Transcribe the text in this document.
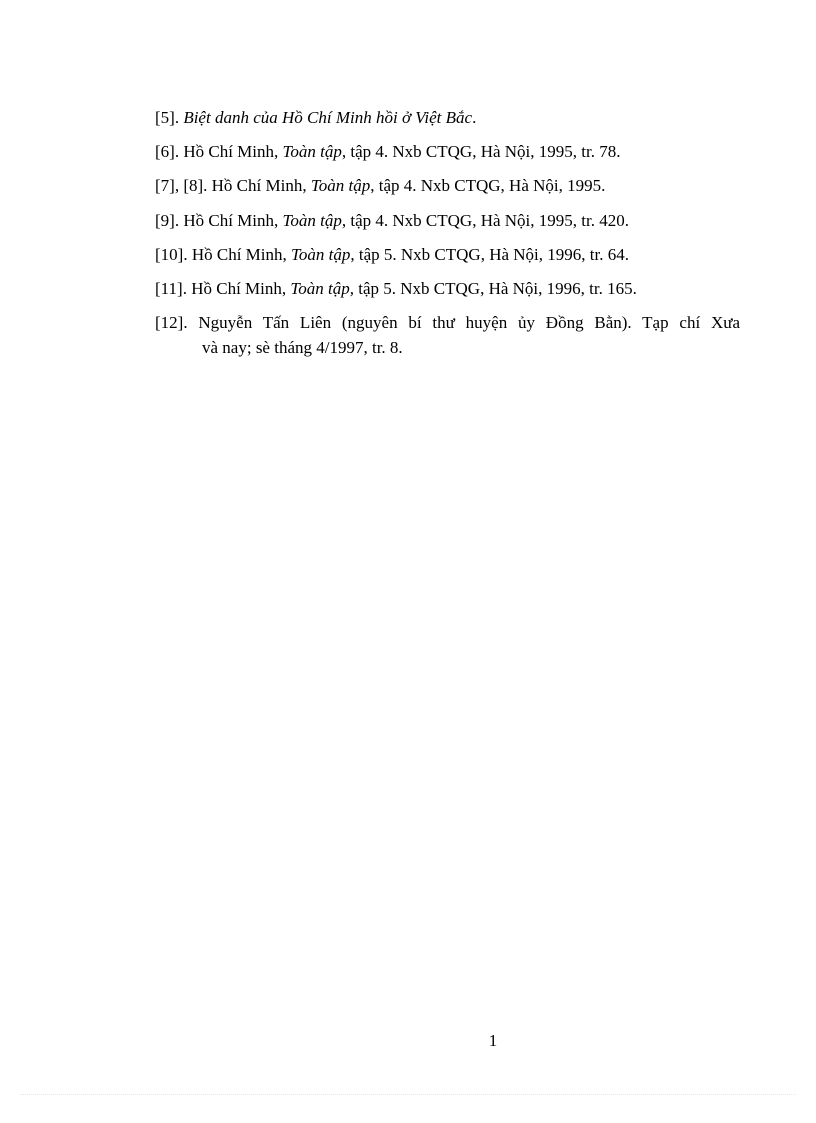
[5]. Biệt danh của Hồ Chí Minh hồi ở Việt Bắc.
[6]. Hồ Chí Minh, Toàn tập, tập 4. Nxb CTQG, Hà Nội, 1995, tr. 78.
[7], [8]. Hồ Chí Minh, Toàn tập, tập 4. Nxb CTQG, Hà Nội, 1995.
[9]. Hồ Chí Minh, Toàn tập, tập 4. Nxb CTQG, Hà Nội, 1995, tr. 420.
[10]. Hồ Chí Minh, Toàn tập, tập 5. Nxb CTQG, Hà Nội, 1996, tr. 64.
[11]. Hồ Chí Minh, Toàn tập, tập 5. Nxb CTQG, Hà Nội, 1996, tr. 165.
[12]. Nguyễn Tấn Liên (nguyên bí thư huyện ủy Đồng Bằn). Tạp chí Xưa
và nay; sè tháng 4/1997, tr. 8.
1
